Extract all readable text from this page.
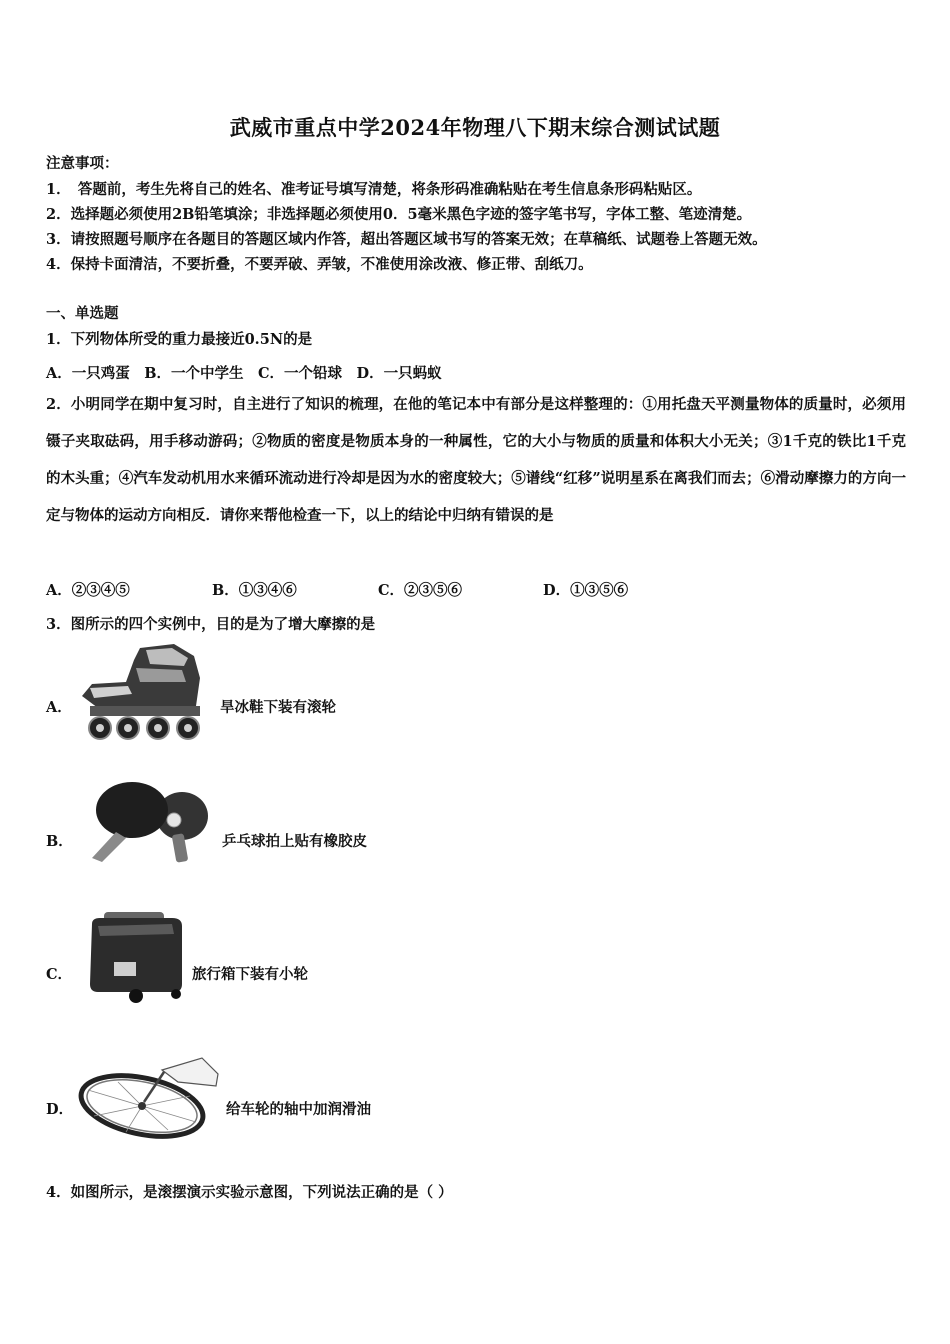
武威市重点中学2024年物理八下期末综合测试试题
注意事项：
1．　答题前，考生先将自己的姓名、准考证号填写清楚，将条形码准确粘贴在考生信息条形码粘贴区。
2．选择题必须使用2B铅笔填涂；非选择题必须使用0．5毫米黑色字迹的签字笔书写，字体工整、笔迹清楚。
3．请按照题号顺序在各题目的答题区域内作答，超出答题区域书写的答案无效；在草稿纸、试题卷上答题无效。
4．保持卡面清洁，不要折叠，不要弄破、弄皱，不准使用涂改液、修正带、刮纸刀。
一、单选题
1．下列物体所受的重力最接近0.5N的是
A．一只鸡蛋　B．一个中学生　C．一个铅球　D．一只蚂蚁
2．小明同学在期中复习时，自主进行了知识的梳理，在他的笔记本中有部分是这样整理的：①用托盘天平测量物体的质量时，必须用镊子夹取砝码，用手移动游码；②物质的密度是物质本身的一种属性，它的大小与物质的质量和体积大小无关；③1千克的铁比1千克的木头重；④汽车发动机用水来循环流动进行冷却是因为水的密度较大；⑤谱线“红移”说明星系在离我们而去；⑥滑动摩擦力的方向一定与物体的运动方向相反．请你来帮他检查一下，以上的结论中归纳有错误的是
A．②③④⑤	B．①③④⑥	C．②③⑤⑥	D．①③⑤⑥
3．图所示的四个实例中，目的是为了增大摩擦的是
A．	旱冰鞋下装有滚轮
B．	乒乓球拍上贴有橡胶皮
C．	旅行箱下装有小轮
D．	给车轮的轴中加润滑油
4．如图所示，是滚摆演示实验示意图，下列说法正确的是（ ）
